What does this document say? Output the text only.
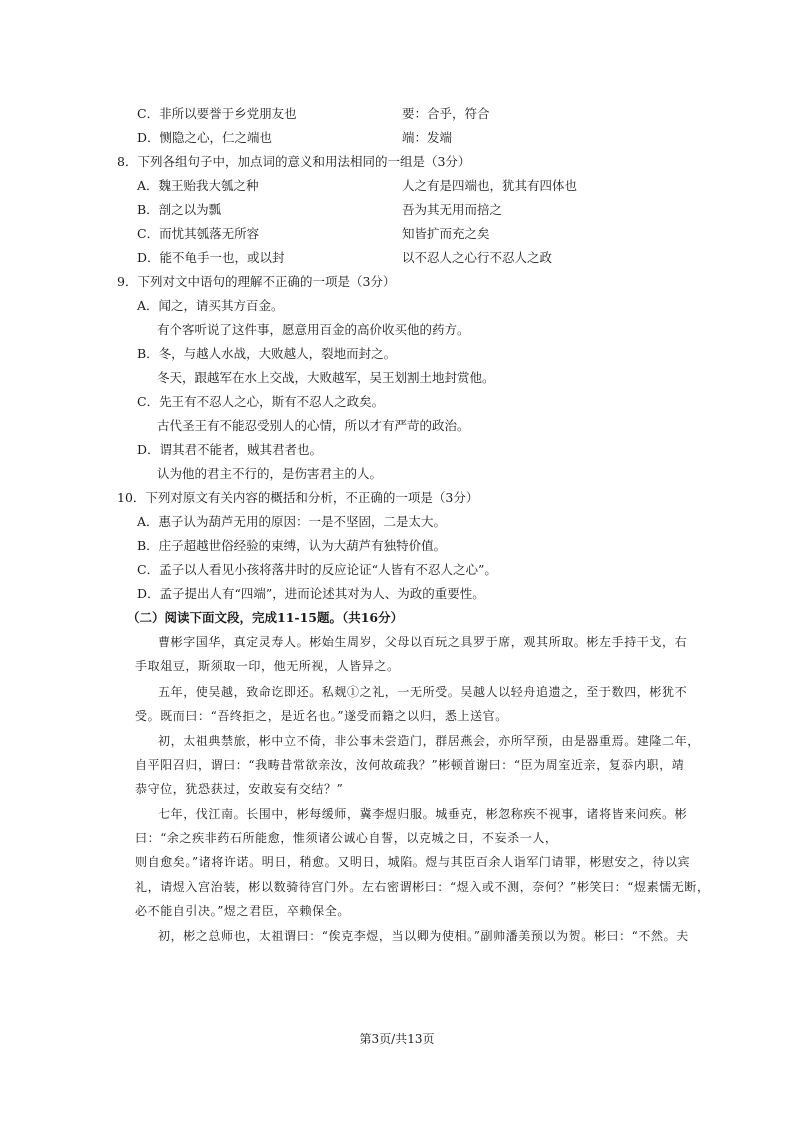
C．非所以要誉于乡党朋友也	要：合乎，符合
D．恻隐之心，仁之端也	端：发端
8．下列各组句子中，加点词的意义和用法相同的一组是（3分）
A．魏王贻我大瓠之种	人之有是四端也，犹其有四体也
B．剖之以为瓢	吾为其无用而掊之
C．而忧其瓠落无所容	知皆扩而充之矣
D．能不龟手一也，或以封	以不忍人之心行不忍人之政
9．下列对文中语句的理解不正确的一项是（3分）
A．闻之，请买其方百金。
有个客听说了这件事，愿意用百金的高价收买他的药方。
B．冬，与越人水战，大败越人，裂地而封之。
冬天，跟越军在水上交战，大败越军，吴王划割土地封赏他。
C．先王有不忍人之心，斯有不忍人之政矣。
古代圣王有不能忍受别人的心情，所以才有严苛的政治。
D．谓其君不能者，贼其君者也。
认为他的君主不行的，是伤害君主的人。
10．下列对原文有关内容的概括和分析，不正确的一项是（3分）
A．惠子认为葫芦无用的原因：一是不坚固，二是太大。
B．庄子超越世俗经验的束缚，认为大葫芦有独特价值。
C．孟子以人看见小孩将落井时的反应论证“人皆有不忍人之心”。
D．孟子提出人有“四端”，进而论述其对为人、为政的重要性。
（二）阅读下面文段，完成11-15题。（共16分）
曹彬字国华，真定灵寿人。彬始生周岁，父母以百玩之具罗于席，观其所取。彬左手持干戈，右
手取俎豆，斯须取一印，他无所视，人皆异之。
五年，使吴越，致命讫即还。私觌①之礼，一无所受。吴越人以轻舟追遗之，至于数四，彬犹不
受。既而曰：“吾终拒之，是近名也。”遂受而籍之以归，悉上送官。
初，太祖典禁旅，彬中立不倚，非公事未尝造门，群居燕会，亦所罕预，由是器重焉。建隆二年，
自平阳召归，谓曰：“我畴昔常欲亲汝，汝何故疏我？”彬顿首谢曰：“臣为周室近亲，复忝内职，靖
恭守位，犹恐获过，安敢妄有交结？”
七年，伐江南。长围中，彬每缓师，冀李煜归服。城垂克，彬忽称疾不视事，诸将皆来问疾。彬
曰：“余之疾非药石所能愈，惟须诸公诚心自誓，以克城之日，不妄杀一人，
则自愈矣。”诸将许诺。明日，稍愈。又明日，城陷。煜与其臣百余人诣军门请罪，彬慰安之，待以宾
礼，请煜入宫治装，彬以数骑待宫门外。左右密谓彬曰：“煜入或不测，奈何？”彬笑曰：“煜素懦无断，
必不能自引决。”煜之君臣，卒赖保全。
初，彬之总师也，太祖谓曰：“俟克李煜，当以卿为使相。”副帅潘美预以为贺。彬曰：“不然。夫
第3页/共13页
